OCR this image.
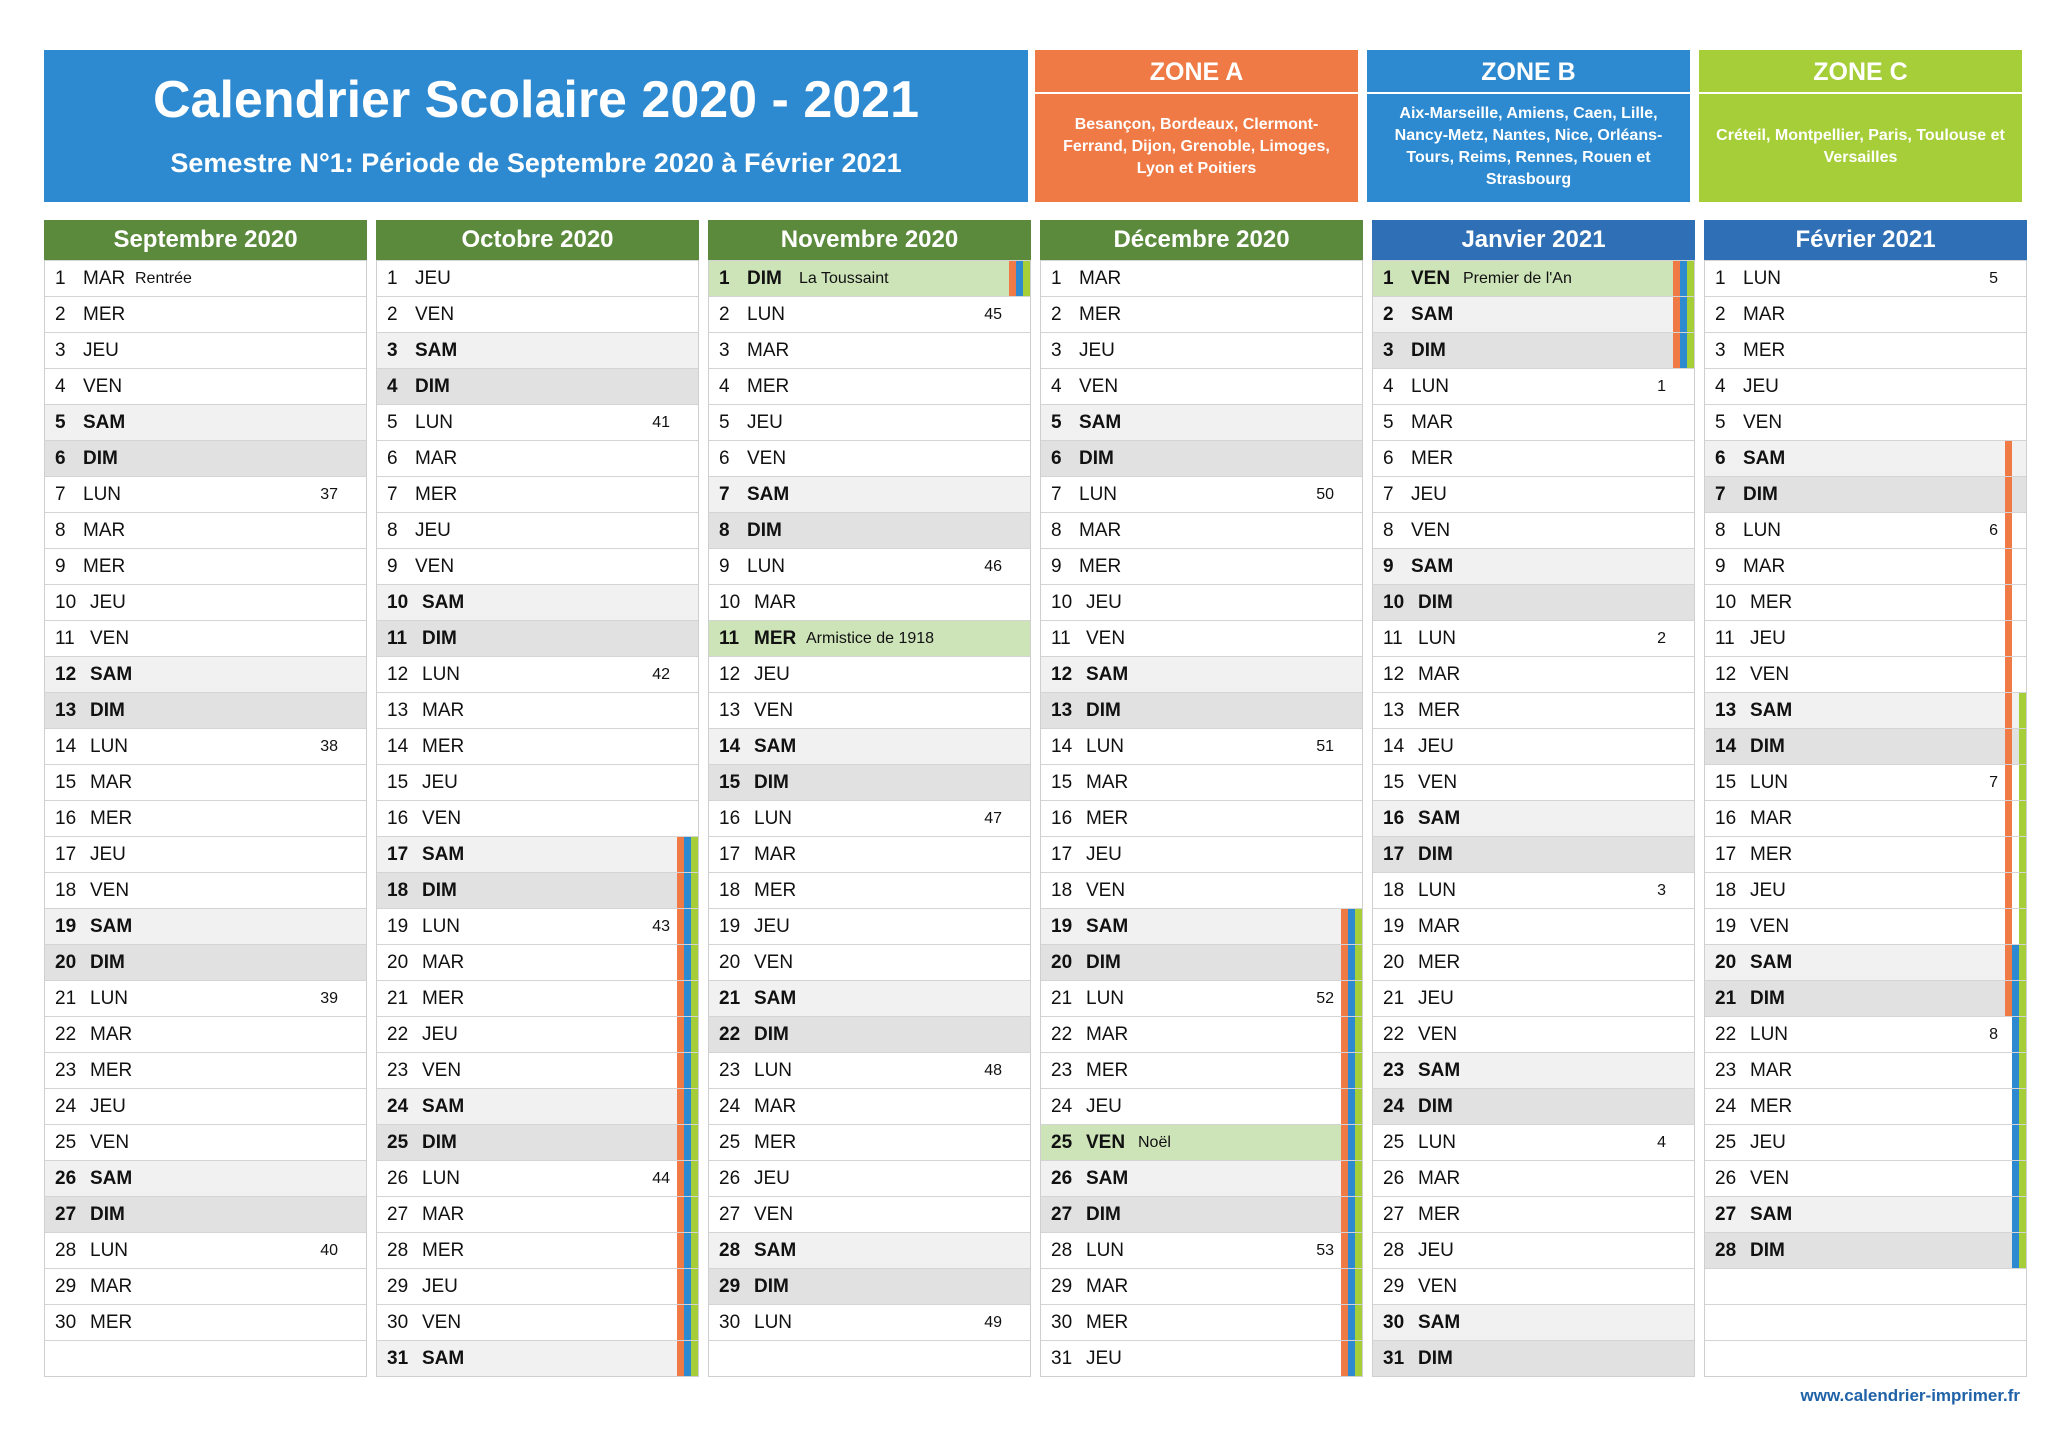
Calendrier Scolaire 2020 - 2021
Semestre N°1: Période de Septembre 2020 à Février 2021
ZONE A
Besançon, Bordeaux, Clermont-Ferrand, Dijon, Grenoble, Limoges, Lyon et Poitiers
ZONE B
Aix-Marseille, Amiens, Caen, Lille, Nancy-Metz, Nantes, Nice, Orléans-Tours, Reims, Rennes, Rouen et Strasbourg
ZONE C
Créteil, Montpellier, Paris, Toulouse et Versailles
Septembre 2020
1 MAR Rentrée
2 MER
3 JEU
4 VEN
5 SAM
6 DIM
7 LUN	37
8 MAR
9 MER
10 JEU
11 VEN
12 SAM
13 DIM
14 LUN	38
15 MAR
16 MER
17 JEU
18 VEN
19 SAM
20 DIM
21 LUN	39
22 MAR
23 MER
24 JEU
25 VEN
26 SAM
27 DIM
28 LUN	40
29 MAR
30 MER
Octobre 2020
1 JEU
2 VEN
3 SAM
4 DIM
5 LUN	41
6 MAR
7 MER
8 JEU
9 VEN
10 SAM
11 DIM
12 LUN	42
13 MAR
14 MER
15 JEU
16 VEN
17 SAM
18 DIM
19 LUN	43
20 MAR
21 MER
22 JEU
23 VEN
24 SAM
25 DIM
26 LUN	44
27 MAR
28 MER
29 JEU
30 VEN
31 SAM
Novembre 2020
1 DIM La Toussaint
2 LUN	45
3 MAR
4 MER
5 JEU
6 VEN
7 SAM
8 DIM
9 LUN	46
10 MAR
11 MER Armistice de 1918
12 JEU
13 VEN
14 SAM
15 DIM
16 LUN	47
17 MAR
18 MER
19 JEU
20 VEN
21 SAM
22 DIM
23 LUN	48
24 MAR
25 MER
26 JEU
27 VEN
28 SAM
29 DIM
30 LUN	49
Décembre 2020
1 MAR
2 MER
3 JEU
4 VEN
5 SAM
6 DIM
7 LUN	50
8 MAR
9 MER
10 JEU
11 VEN
12 SAM
13 DIM
14 LUN	51
15 MAR
16 MER
17 JEU
18 VEN
19 SAM
20 DIM
21 LUN	52
22 MAR
23 MER
24 JEU
25 VEN Noël
26 SAM
27 DIM
28 LUN	53
29 MAR
30 MER
31 JEU
Janvier 2021
1 VEN Premier de l'An
2 SAM
3 DIM
4 LUN	1
5 MAR
6 MER
7 JEU
8 VEN
9 SAM
10 DIM
11 LUN	2
12 MAR
13 MER
14 JEU
15 VEN
16 SAM
17 DIM
18 LUN	3
19 MAR
20 MER
21 JEU
22 VEN
23 SAM
24 DIM
25 LUN	4
26 MAR
27 MER
28 JEU
29 VEN
30 SAM
31 DIM
Février 2021
1 LUN	5
2 MAR
3 MER
4 JEU
5 VEN
6 SAM
7 DIM
8 LUN	6
9 MAR
10 MER
11 JEU
12 VEN
13 SAM
14 DIM
15 LUN	7
16 MAR
17 MER
18 JEU
19 VEN
20 SAM
21 DIM
22 LUN	8
23 MAR
24 MER
25 JEU
26 VEN
27 SAM
28 DIM
www.calendrier-imprimer.fr
